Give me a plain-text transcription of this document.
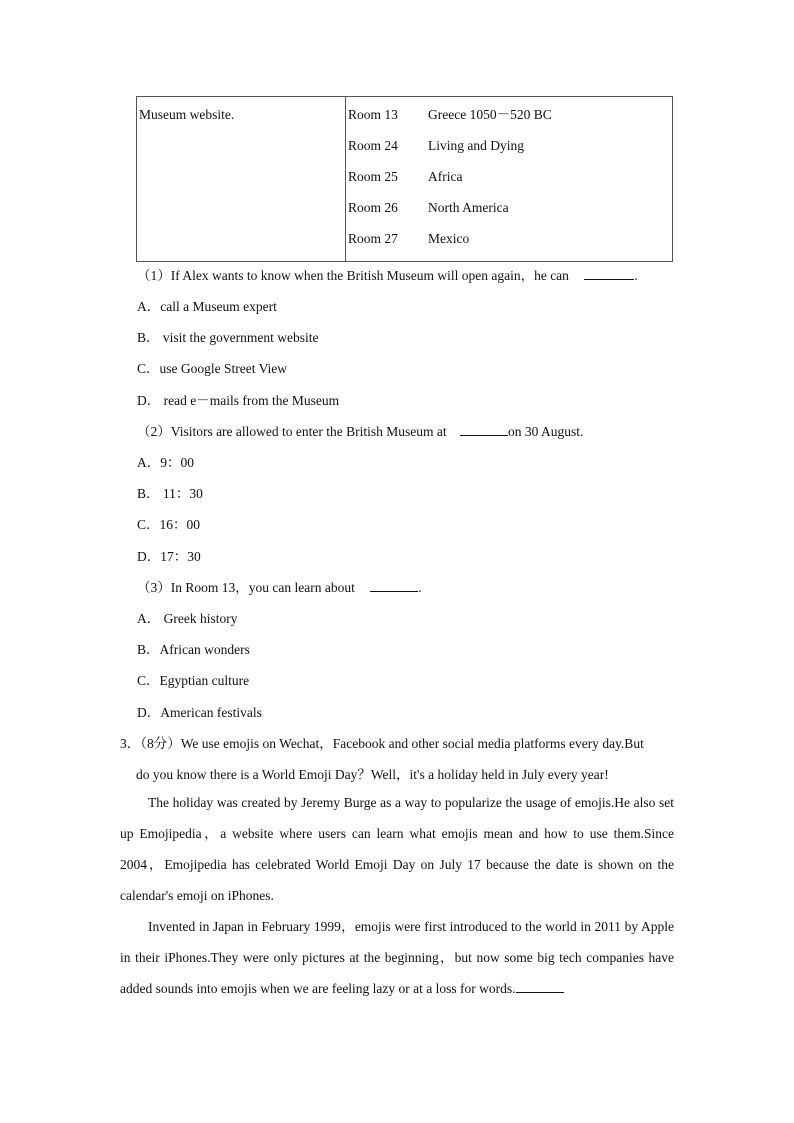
Museum website.	Room 13	Greece 1050－520 BC
Room 24	Living and Dying
Room 25	Africa
Room 26	North America
Room 27	Mexico
（1）If Alex wants to know when the British Museum will open again，he can	.
A．call a Museum expert
B． visit the government website
C．use Google Street View
D． read e－mails from the Museum
（2）Visitors are allowed to enter the British Museum at	on 30 August.
A．9：00
B． 11：30
C．16：00
D．17：30
（3）In Room 13，you can learn about	.
A． Greek history
B．African wonders
C．Egyptian culture
D．American festivals
3．（8分）We use emojis on Wechat，Facebook and other social media platforms every day.But
do you know there is a World Emoji Day？Well，it's a holiday held in July every year!
The holiday was created by Jeremy Burge as a way to popularize the usage of emojis.He also set up Emojipedia，a website where users can learn what emojis mean and how to use them.Since 2004，Emojipedia has celebrated World Emoji Day on July 17 because the date is shown on the calendar's emoji on iPhones.
Invented in Japan in February 1999，emojis were first introduced to the world in 2011 by Apple in their iPhones.They were only pictures at the beginning，but now some big tech companies have added sounds into emojis when we are feeling lazy or at a loss for words.
